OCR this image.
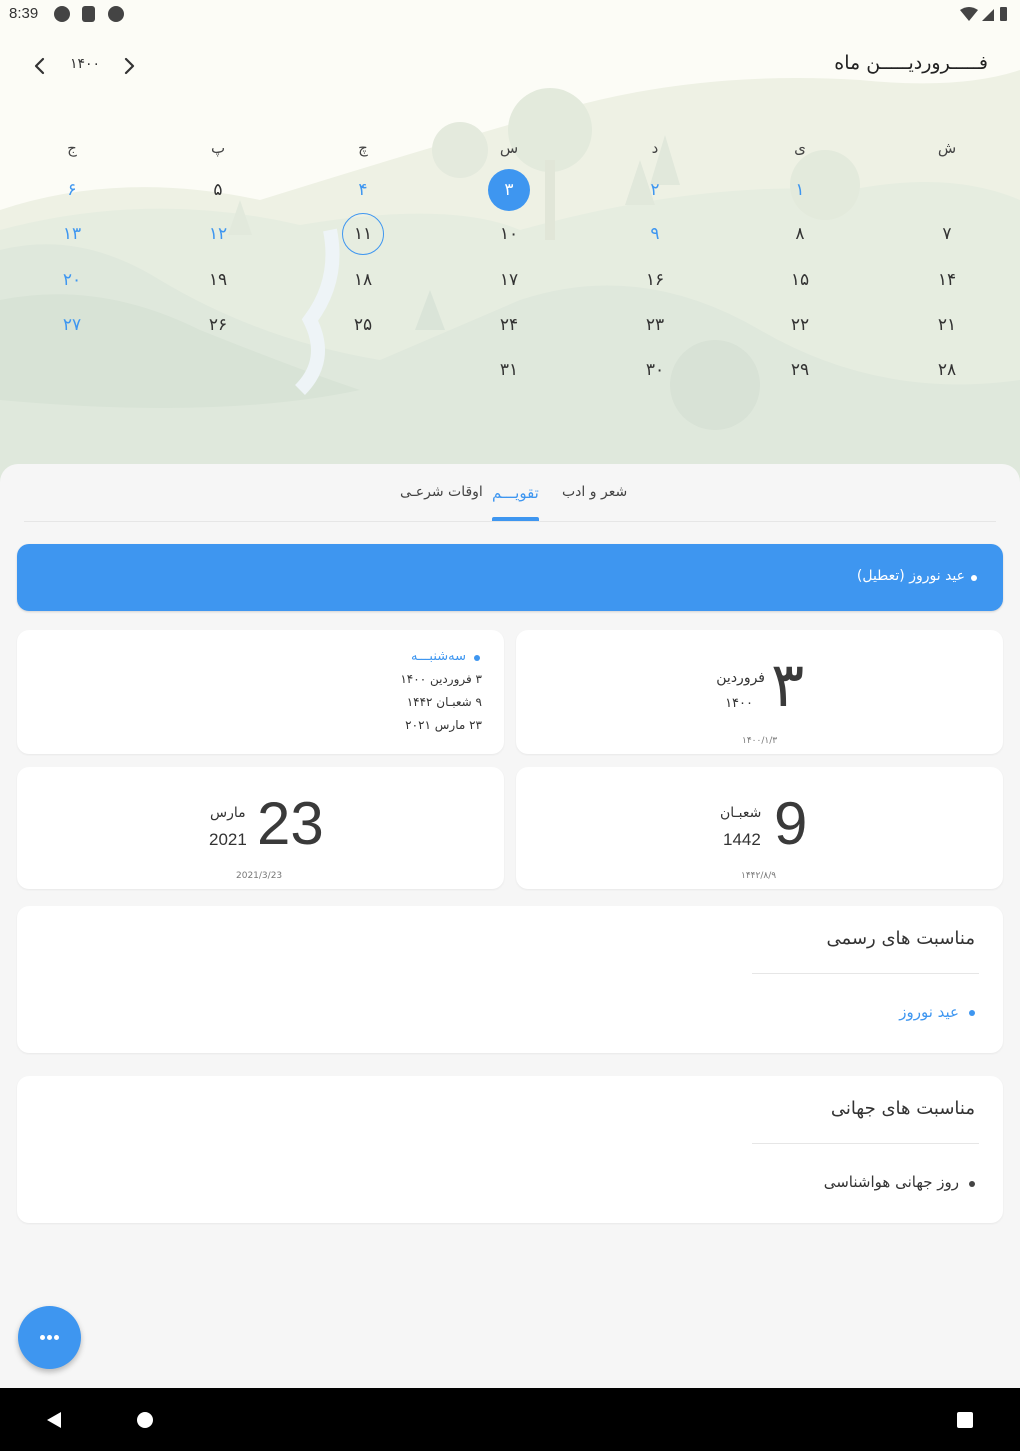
فـــــرورديـــــن ماه
۱۴۰۰
ش
ی
د
س
چ
پ
ج
۱
۲
۳
۴
۵
۶
۷
۸
۹
۱۰
۱۱
۱۲
۱۳
۱۴
۱۵
۱۶
۱۷
۱۸
۱۹
۲۰
۲۱
۲۲
۲۳
۲۴
۲۵
۲۶
۲۷
۲۸
۲۹
۳۰
۳۱
8:39
شعر و ادب
تقویـــم
اوقات شرعـی
عید نوروز (تعطیل)
سه‌شنبـــه
۳ فروردین ۱۴۰۰
۹ شعبـان ۱۴۴۲
۲۳ مارس ۲۰۲۱
۳
فروردین
۱۴۰۰
۱۴۰۰/۱/۳
23
مارس
2021
2021/3/23
9
شعبـان
1442
۱۴۴۲/۸/۹
مناسبت های رسمی
عید نوروز
مناسبت های جهانی
روز جهانی هواشناسی
